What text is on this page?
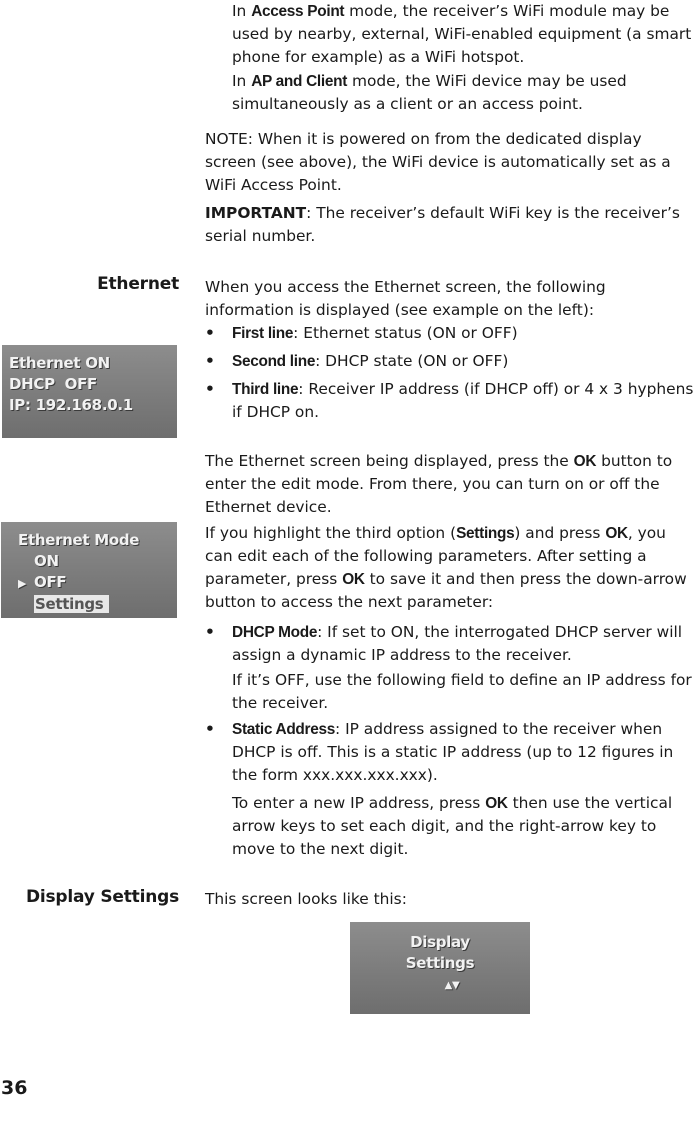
In Access Point mode, the receiver’s WiFi module may be used by nearby, external, WiFi-enabled equipment (a smart phone for example) as a WiFi hotspot.

In AP and Client mode, the WiFi device may be used simultaneously as a client or an access point.

NOTE: When it is powered on from the dedicated display screen (see above), the WiFi device is automatically set as a WiFi Access Point.

IMPORTANT: The receiver’s default WiFi key is the receiver’s serial number.

Ethernet When you access the Ethernet screen, the following information is displayed (see example on the left):

• First line: Ethernet status (ON or OFF)
• Second line: DHCP state (ON or OFF)
• Third line: Receiver IP address (if DHCP off) or 4 x 3 hyphens if DHCP on.
Ethernet ON
DHCP  OFF
IP: 192.168.0.1

The Ethernet screen being displayed, press the OK button to enter the edit mode. From there, you can turn on or off the Ethernet device.

Ethernet Mode
ON
▶ OFF
Settings

If you highlight the third option (Settings) and press OK, you can edit each of the following parameters. After setting a parameter, press OK to save it and then press the down-arrow button to access the next parameter:

• DHCP Mode: If set to ON, the interrogated DHCP server will assign a dynamic IP address to the receiver.

If it’s OFF, use the following field to define an IP address for the receiver.

• Static Address: IP address assigned to the receiver when DHCP is off. This is a static IP address (up to 12 figures in the form xxx.xxx.xxx.xxx).

To enter a new IP address, press OK then use the vertical arrow keys to set each digit, and the right-arrow key to move to the next digit.

Display Settings This screen looks like this:

Display
Settings
▲▼
36
